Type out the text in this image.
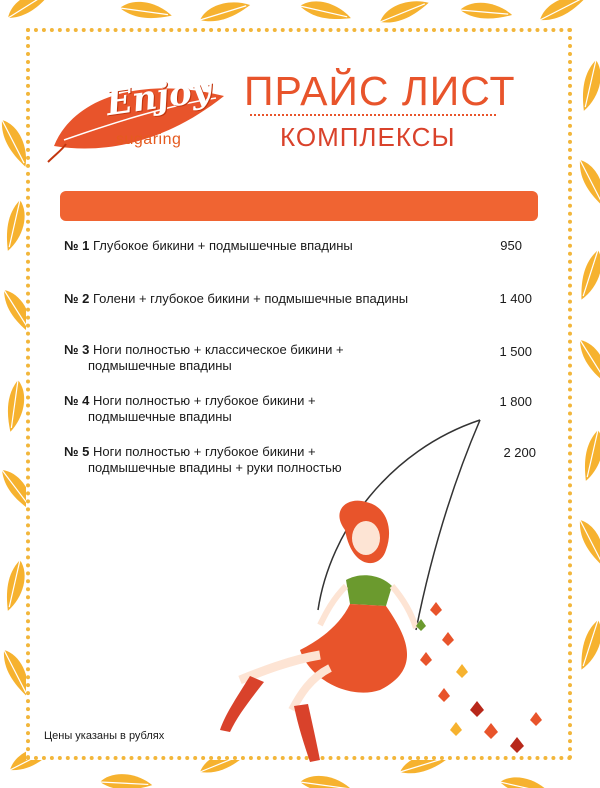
Enjoy
sugaring
ПРАЙС ЛИСТ
КОМПЛЕКСЫ
№ 1 Глубокое бикини + подмышечные впадины	950
№ 2 Голени + глубокое бикини + подмышечные впадины	1 400
№ 3 Ноги полностью + классическое бикини +
подмышечные впадины
1 500
№ 4 Ноги полностью + глубокое бикини +
подмышечные впадины
1 800
№ 5 Ноги полностью + глубокое бикини +
подмышечные впадины + руки полностью
2 200
Цены указаны в рублях
